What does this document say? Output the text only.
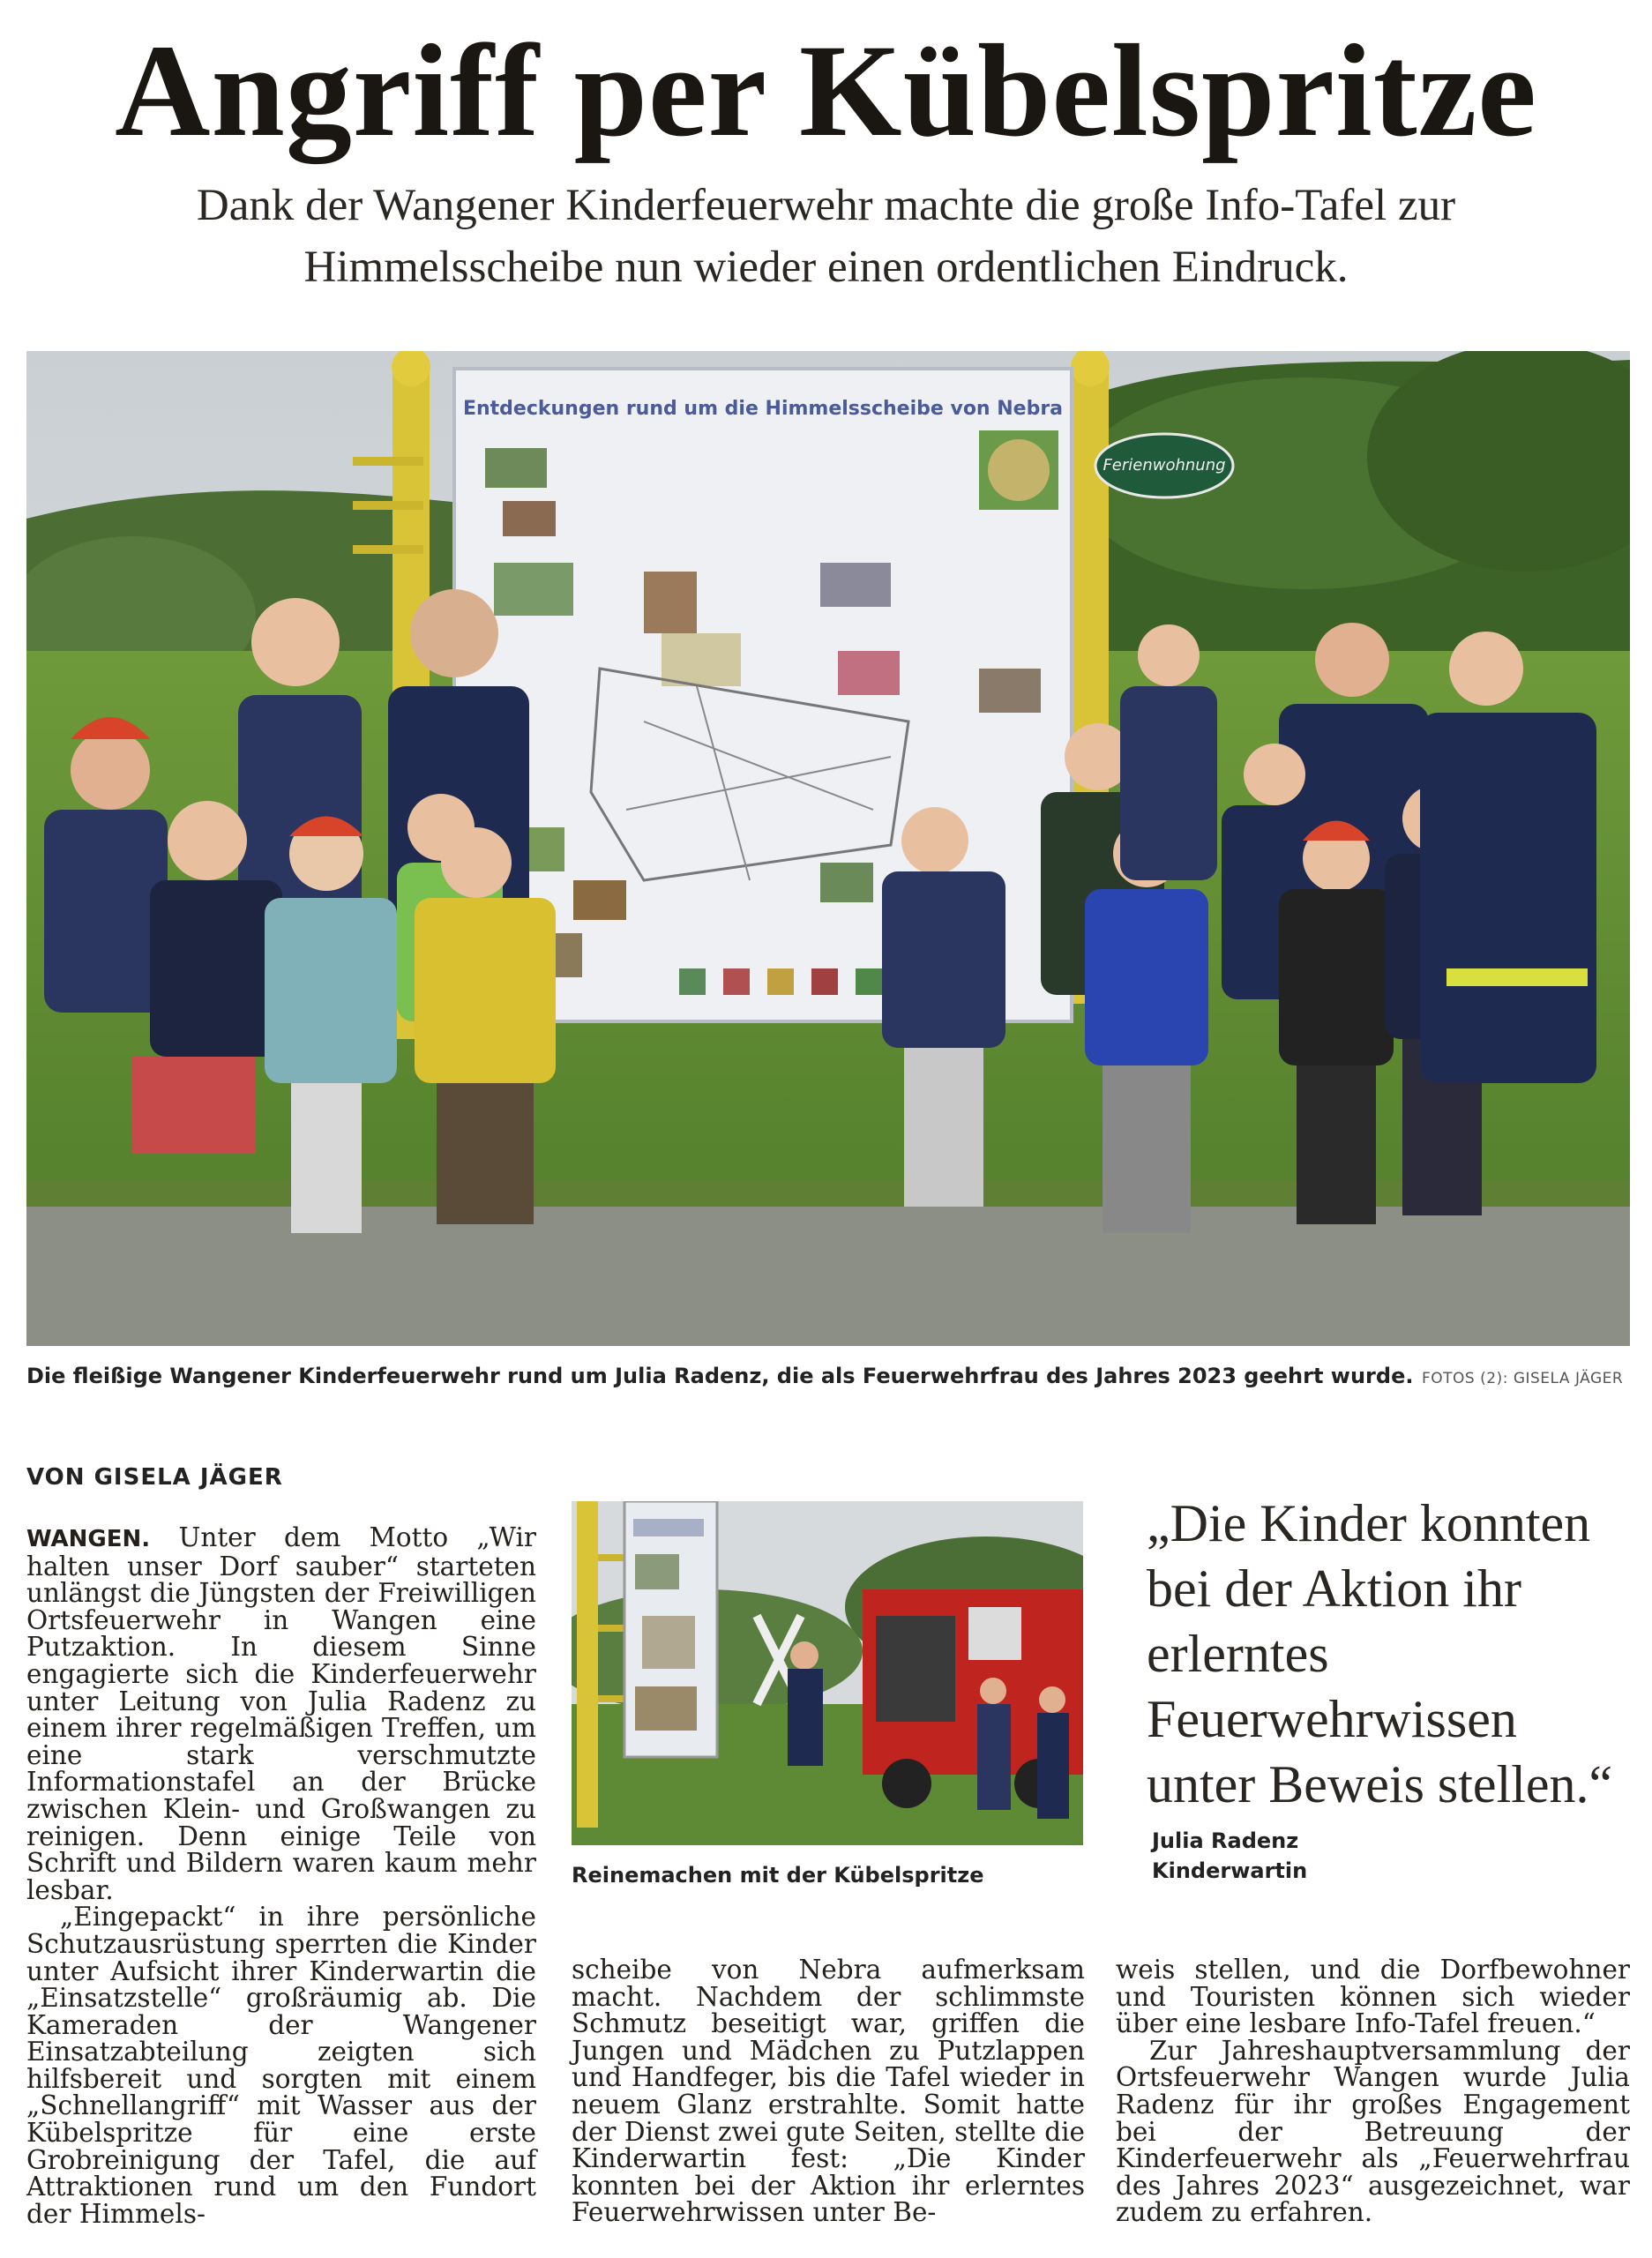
Angriff per Kübelspritze
Dank der Wangener Kinderfeuerwehr machte die große Info-Tafel zur Himmelsscheibe nun wieder einen ordentlichen Eindruck.
Entdeckungen rund um die Himmelsscheibe von Nebra
Ferienwohnung
Die fleißige Wangener Kinderfeuerwehr rund um Julia Radenz, die als Feuerwehrfrau des Jahres 2023 geehrt wurde. FOTOS (2): GISELA JÄGER
VON GISELA JÄGER
Reinemachen mit der Kübelspritze

WANGEN. Unter dem Motto „Wir halten unser Dorf sauber“ starteten unlängst die Jüngsten der Freiwilligen Ortsfeuerwehr in Wangen eine Putzaktion. In diesem Sinne engagierte sich die Kinderfeuerwehr unter Leitung von Julia Radenz zu einem ihrer regelmäßigen Treffen, um eine stark verschmutzte Informationstafel an der Brücke zwischen Klein- und Großwangen zu reinigen. Denn einige Teile von Schrift und Bildern waren kaum mehr lesbar.

„Eingepackt“ in ihre persönliche Schutzausrüstung sperrten die Kinder unter Aufsicht ihrer Kinderwartin die „Einsatzstelle“ großräumig ab. Die Kameraden der Wangener Einsatzabteilung zeigten sich hilfsbereit und sorgten mit einem „Schnellangriff“ mit Wasser aus der Kübelspritze für eine erste Grobreinigung der Tafel, die auf Attraktionen rund um den Fundort der Himmels-

scheibe von Nebra aufmerksam macht. Nachdem der schlimmste Schmutz beseitigt war, griffen die Jungen und Mädchen zu Putzlappen und Handfeger, bis die Tafel wieder in neuem Glanz erstrahlte. Somit hatte der Dienst zwei gute Seiten, stellte die Kinderwartin fest: „Die Kinder konnten bei der Aktion ihr erlerntes Feuerwehrwissen unter Be-

„Die Kinder konnten bei der Aktion ihr erlerntes Feuerwehrwissen unter Beweis stellen.“
Julia Radenz
Kinderwartin

weis stellen, und die Dorfbewohner und Touristen können sich wieder über eine lesbare Info-Tafel freuen.“

Zur Jahreshauptversammlung der Ortsfeuerwehr Wangen wurde Julia Radenz für ihr großes Engagement bei der Betreuung der Kinderfeuerwehr als „Feuerwehrfrau des Jahres 2023“ ausgezeichnet, war zudem zu erfahren.
